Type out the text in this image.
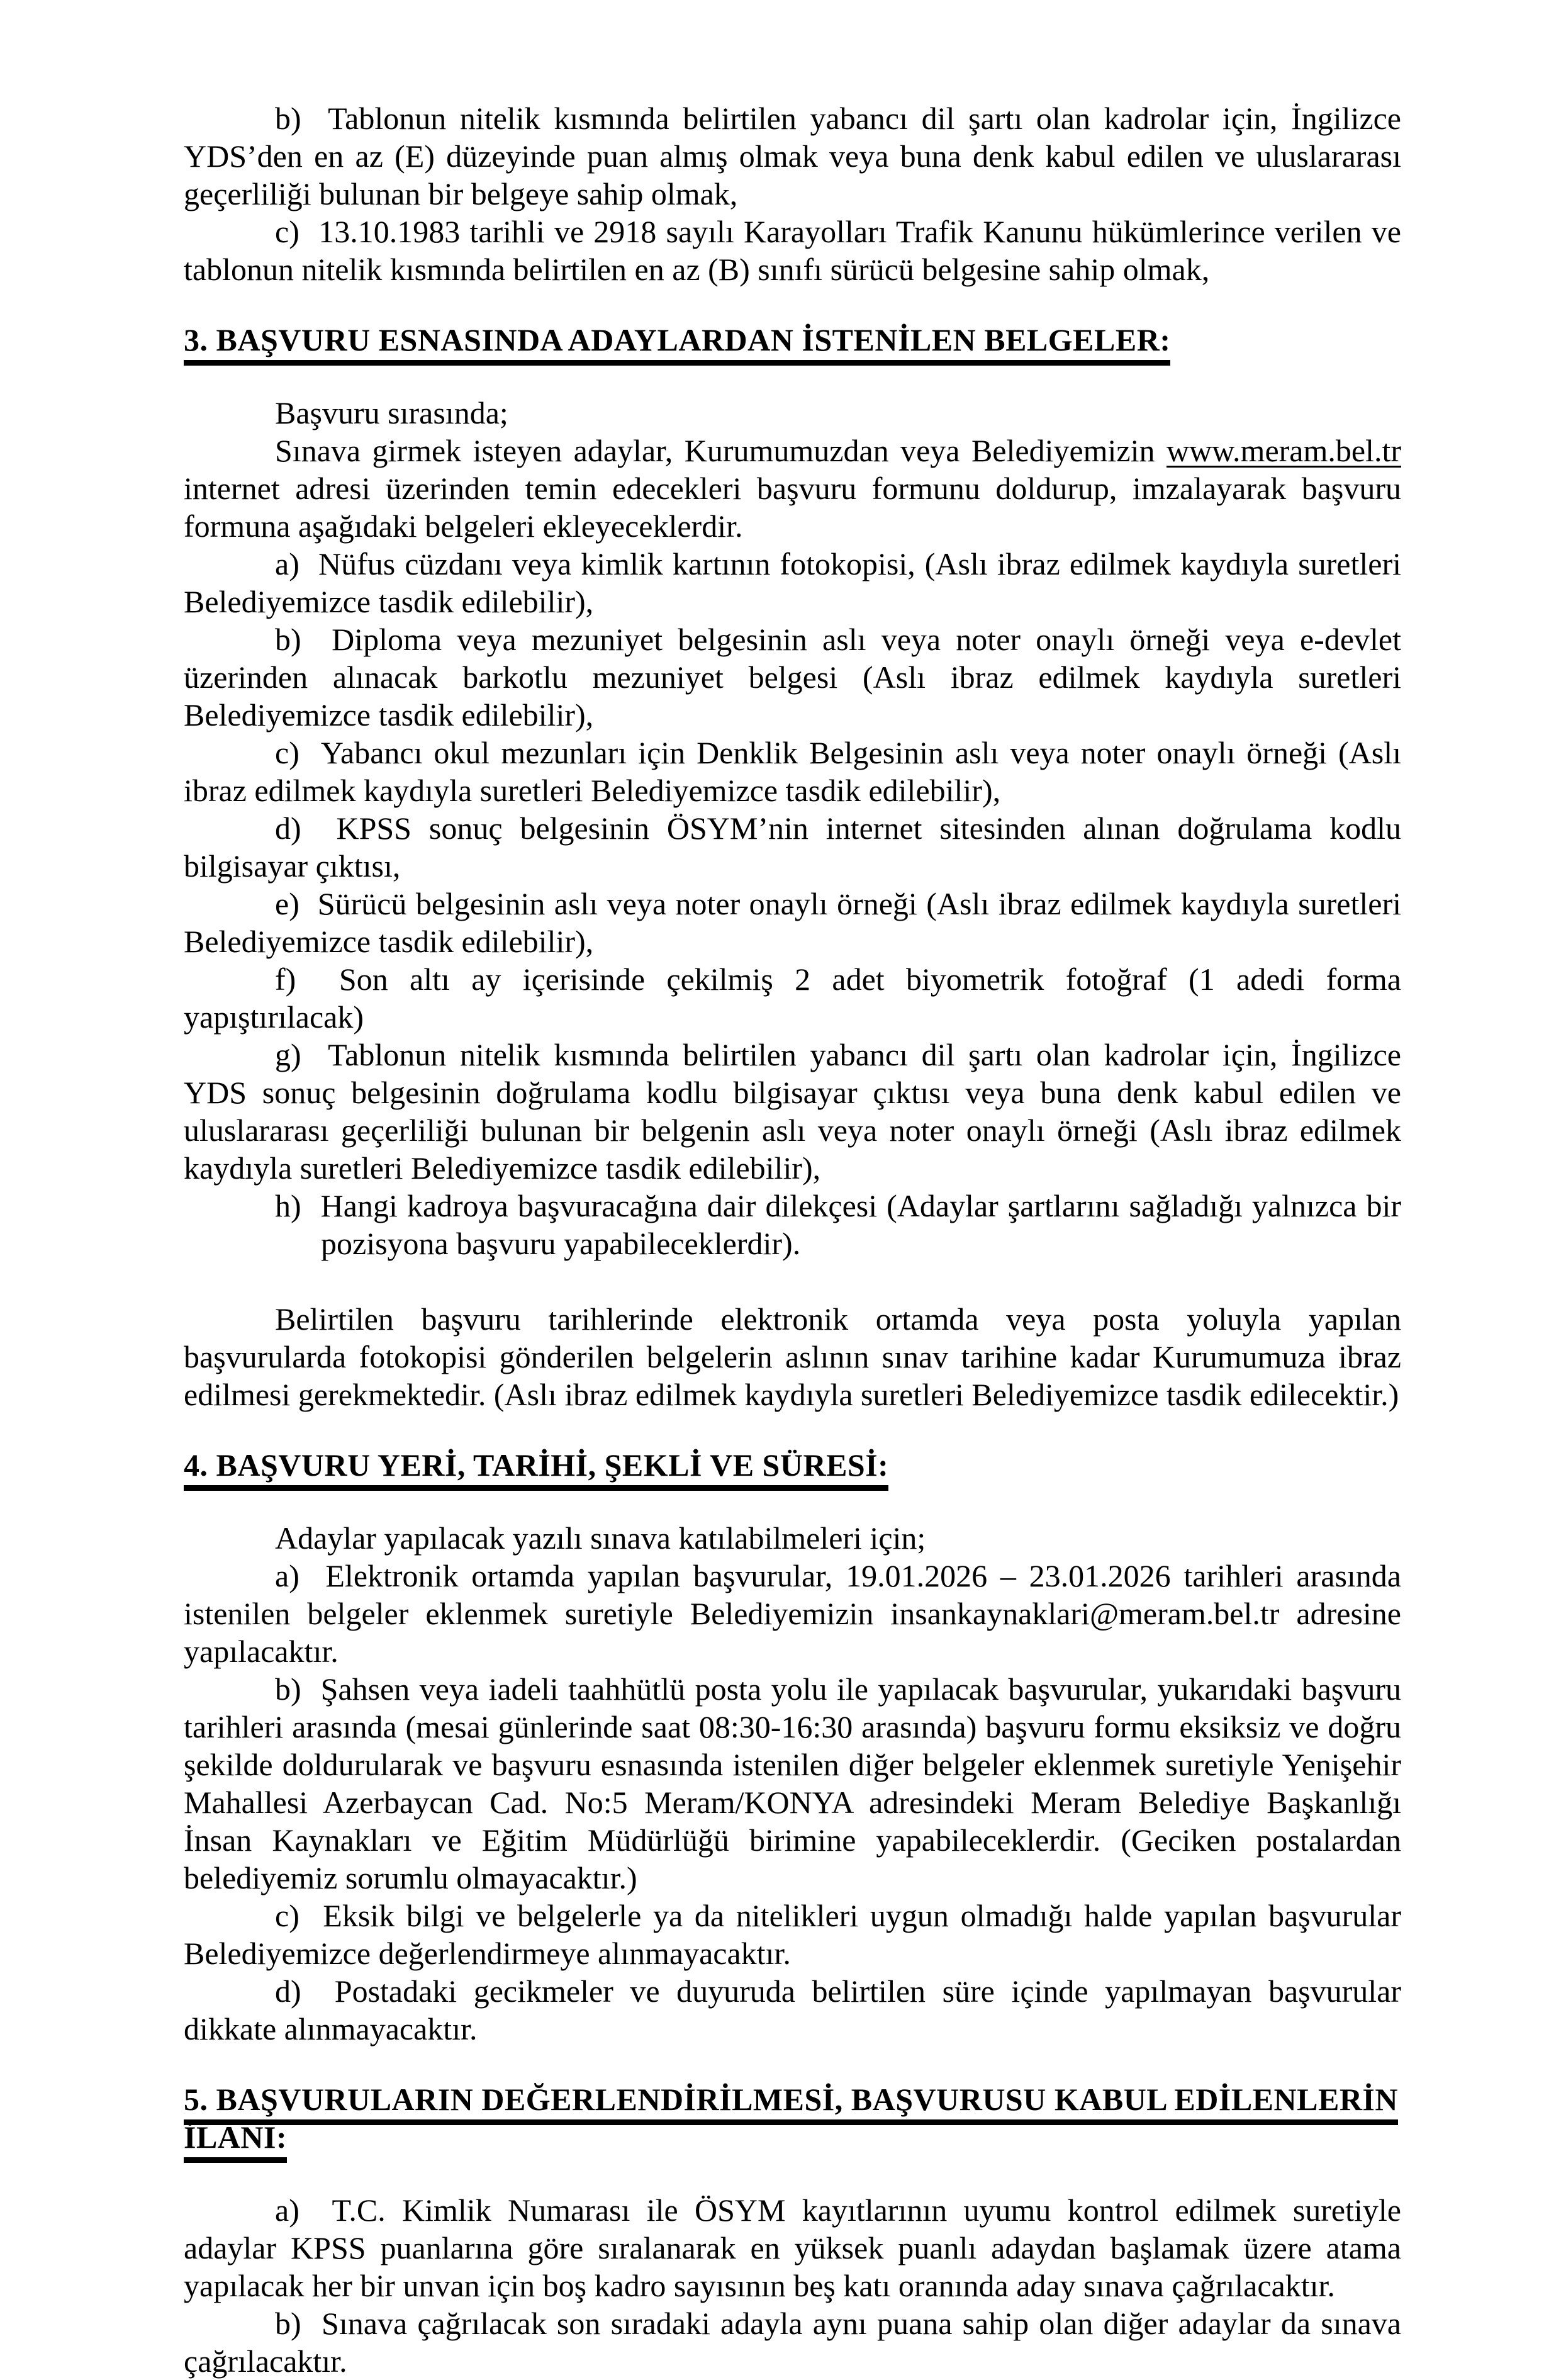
b)  Tablonun nitelik kısmında belirtilen yabancı dil şartı olan kadrolar için, İngilizce YDS’den en az (E) düzeyinde puan almış olmak veya buna denk kabul edilen ve uluslararası geçerliliği bulunan bir belgeye sahip olmak,

c)  13.10.1983 tarihli ve 2918 sayılı Karayolları Trafik Kanunu hükümlerince verilen ve tablonun nitelik kısmında belirtilen en az (B) sınıfı sürücü belgesine sahip olmak,

3. BAŞVURU ESNASINDA ADAYLARDAN İSTENİLEN BELGELER:

Başvuru sırasında;

Sınava girmek isteyen adaylar, Kurumumuzdan veya Belediyemizin www.meram.bel.tr internet adresi üzerinden temin edecekleri başvuru formunu doldurup, imzalayarak başvuru formuna aşağıdaki belgeleri ekleyeceklerdir.

a)  Nüfus cüzdanı veya kimlik kartının fotokopisi, (Aslı ibraz edilmek kaydıyla suretleri Belediyemizce tasdik edilebilir),

b)  Diploma veya mezuniyet belgesinin aslı veya noter onaylı örneği veya e-devlet üzerinden alınacak barkotlu mezuniyet belgesi (Aslı ibraz edilmek kaydıyla suretleri Belediyemizce tasdik edilebilir),

c)  Yabancı okul mezunları için Denklik Belgesinin aslı veya noter onaylı örneği (Aslı ibraz edilmek kaydıyla suretleri Belediyemizce tasdik edilebilir),

d)  KPSS sonuç belgesinin ÖSYM’nin internet sitesinden alınan doğrulama kodlu bilgisayar çıktısı,

e)  Sürücü belgesinin aslı veya noter onaylı örneği (Aslı ibraz edilmek kaydıyla suretleri Belediyemizce tasdik edilebilir),

f)  Son altı ay içerisinde çekilmiş 2 adet biyometrik fotoğraf (1 adedi forma yapıştırılacak)

g)  Tablonun nitelik kısmında belirtilen yabancı dil şartı olan kadrolar için, İngilizce YDS sonuç belgesinin doğrulama kodlu bilgisayar çıktısı veya buna denk kabul edilen ve uluslararası geçerliliği bulunan bir belgenin aslı veya noter onaylı örneği (Aslı ibraz edilmek kaydıyla suretleri Belediyemizce tasdik edilebilir),

h) Hangi kadroya başvuracağına dair dilekçesi (Adaylar şartlarını sağladığı yalnızca bir pozisyona başvuru yapabileceklerdir).

Belirtilen başvuru tarihlerinde elektronik ortamda veya posta yoluyla yapılan başvurularda fotokopisi gönderilen belgelerin aslının sınav tarihine kadar Kurumumuza ibraz edilmesi gerekmektedir. (Aslı ibraz edilmek kaydıyla suretleri Belediyemizce tasdik edilecektir.)

4. BAŞVURU YERİ, TARİHİ, ŞEKLİ VE SÜRESİ:

Adaylar yapılacak yazılı sınava katılabilmeleri için;

a)  Elektronik ortamda yapılan başvurular, 19.01.2026 – 23.01.2026 tarihleri arasında istenilen belgeler eklenmek suretiyle Belediyemizin insankaynaklari@meram.bel.tr adresine yapılacaktır.

b)  Şahsen veya iadeli taahhütlü posta yolu ile yapılacak başvurular, yukarıdaki başvuru tarihleri arasında (mesai günlerinde saat 08:30-16:30 arasında) başvuru formu eksiksiz ve doğru şekilde doldurularak ve başvuru esnasında istenilen diğer belgeler eklenmek suretiyle Yenişehir Mahallesi Azerbaycan Cad. No:5 Meram/KONYA adresindeki Meram Belediye Başkanlığı İnsan Kaynakları ve Eğitim Müdürlüğü birimine yapabileceklerdir. (Geciken postalardan belediyemiz sorumlu olmayacaktır.)

c)  Eksik bilgi ve belgelerle ya da nitelikleri uygun olmadığı halde yapılan başvurular Belediyemizce değerlendirmeye alınmayacaktır.

d)  Postadaki gecikmeler ve duyuruda belirtilen süre içinde yapılmayan başvurular dikkate alınmayacaktır.

5. BAŞVURULARIN DEĞERLENDİRİLMESİ, BAŞVURUSU KABUL EDİLENLERİN İLANI:

a)  T.C. Kimlik Numarası ile ÖSYM kayıtlarının uyumu kontrol edilmek suretiyle adaylar KPSS puanlarına göre sıralanarak en yüksek puanlı adaydan başlamak üzere atama yapılacak her bir unvan için boş kadro sayısının beş katı oranında aday sınava çağrılacaktır.

b)  Sınava çağrılacak son sıradaki adayla aynı puana sahip olan diğer adaylar da sınava çağrılacaktır.
